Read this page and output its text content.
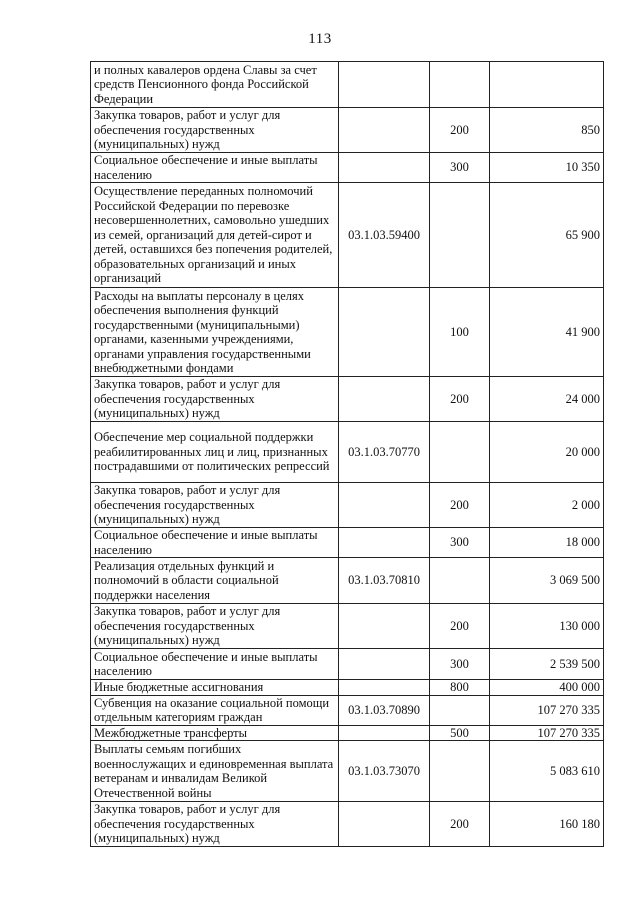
113
и полных кавалеров ордена Славы за счет средств Пенсионного фонда Российской Федерации			
Закупка товаров, работ и услуг для обеспечения государственных (муниципальных) нужд		200	850
Социальное обеспечение и иные выплаты населению		300	10 350
Осуществление переданных полномочий Российской Федерации по перевозке несовершеннолетних, самовольно ушедших из семей, организаций для детей-сирот и детей, оставшихся без попечения родителей, образовательных организаций и иных организаций	03.1.03.59400		65 900
Расходы на выплаты персоналу в целях обеспечения выполнения функций государственными (муниципальными) органами, казенными учреждениями, органами управления государственными внебюджетными фондами		100	41 900
Закупка товаров, работ и услуг для обеспечения государственных (муниципальных) нужд		200	24 000
Обеспечение мер социальной поддержки реабилитированных лиц и лиц, признанных пострадавшими от политических репрессий	03.1.03.70770		20 000
Закупка товаров, работ и услуг для обеспечения государственных (муниципальных) нужд		200	2 000
Социальное обеспечение и иные выплаты населению		300	18 000
Реализация отдельных функций и полномочий в области социальной поддержки населения	03.1.03.70810		3 069 500
Закупка товаров, работ и услуг для обеспечения государственных (муниципальных) нужд		200	130 000
Социальное обеспечение и иные выплаты населению		300	2 539 500
Иные бюджетные ассигнования		800	400 000
Субвенция на оказание социальной помощи отдельным категориям граждан	03.1.03.70890		107 270 335
Межбюджетные трансферты		500	107 270 335
Выплаты семьям погибших военнослужащих и единовременная выплата ветеранам и инвалидам Великой Отечественной войны	03.1.03.73070		5 083 610
Закупка товаров, работ и услуг для обеспечения государственных (муниципальных) нужд		200	160 180
